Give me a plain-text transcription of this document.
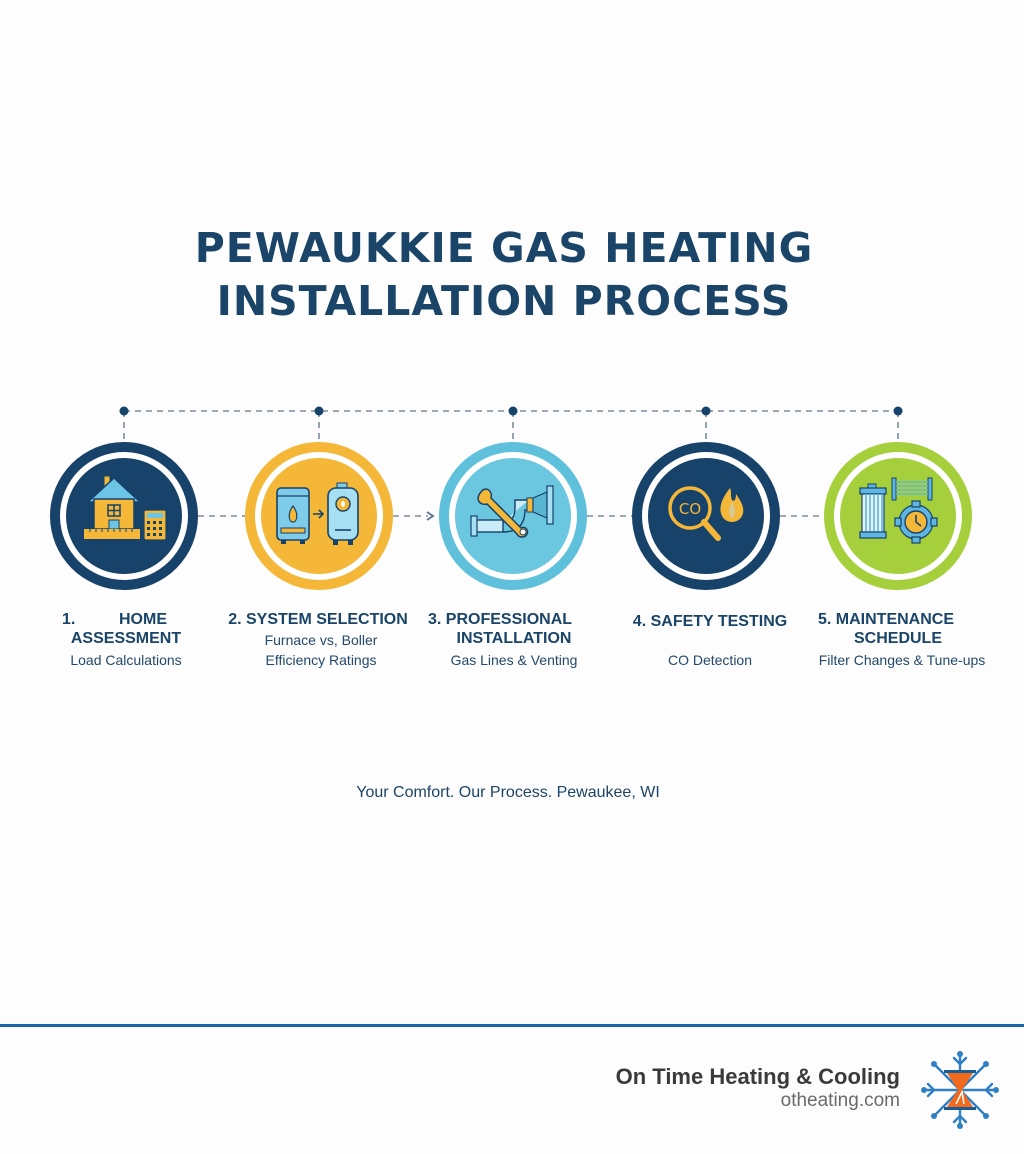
PEWAUKKIE GAS HEATING
INSTALLATION PROCESS
CO
1.	HOME
ASSESSMENT
Load Calculations
2. SYSTEM SELECTION
Furnace vs, Boller
Efficiency Ratings
3. PROFESSIONAL
INSTALLATION
Gas Lines & Venting
4. SAFETY TESTING
CO Detection
5. MAINTENANCE
SCHEDULE
Filter Changes & Tune-ups
Your Comfort. Our Process. Pewaukee, WI
On Time Heating & Cooling
otheating.com
